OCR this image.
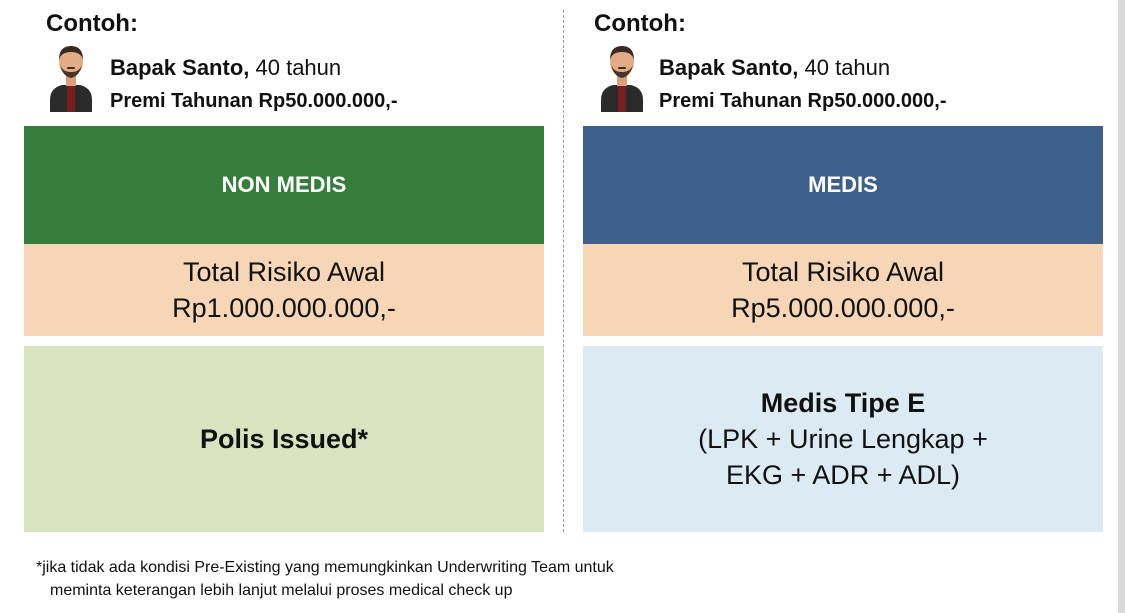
Contoh:
Bapak Santo, 40 tahun
Premi Tahunan Rp50.000.000,-
NON MEDIS
Total Risiko Awal
Rp1.000.000.000,-
Polis Issued*
Contoh:
Bapak Santo, 40 tahun
Premi Tahunan Rp50.000.000,-
MEDIS
Total Risiko Awal
Rp5.000.000.000,-
Medis Tipe E
(LPK + Urine Lengkap +
EKG + ADR + ADL)
*jika tidak ada kondisi Pre-Existing yang memungkinkan Underwriting Team untuk
meminta keterangan lebih lanjut melalui proses medical check up
